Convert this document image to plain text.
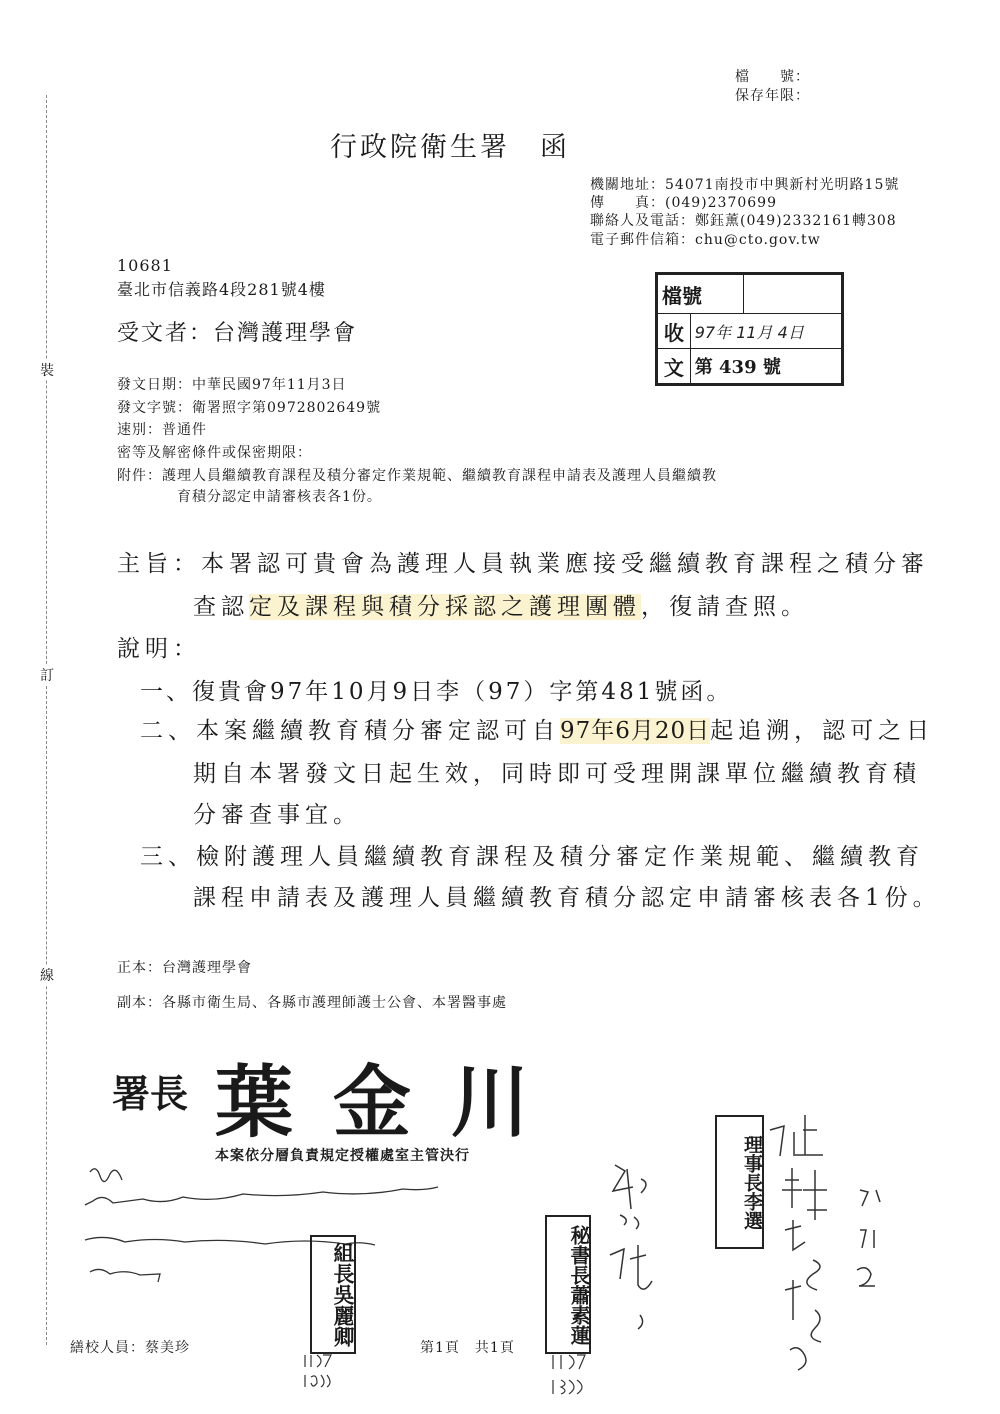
裝
訂
線
檔　　號：
保存年限：
行政院衛生署　函
機關地址：54071南投市中興新村光明路15號
傳　　真：(049)2370699
聯絡人及電話：鄭鈺薰(049)2332161轉308
電子郵件信箱：chu@cto.gov.tw
10681
臺北市信義路4段281號4樓
受文者：台灣護理學會
檔號		
收	97年 11月 4日	
文	第 439 號	
發文日期：中華民國97年11月3日
發文字號：衛署照字第0972802649號
速別：普通件
密等及解密條件或保密期限：
附件：護理人員繼續教育課程及積分審定作業規範、繼續教育課程申請表及護理人員繼續教
育積分認定申請審核表各1份。
主旨：本署認可貴會為護理人員執業應接受繼續教育課程之積分審
查認定及課程與積分採認之護理團體，復請查照。
說明：
一、復貴會97年10月9日李（97）字第481號函。
二、本案繼續教育積分審定認可自97年6月20日起追溯，認可之日
期自本署發文日起生效，同時即可受理開課單位繼續教育積
分審查事宜。
三、檢附護理人員繼續教育課程及積分審定作業規範、繼續教育
課程申請表及護理人員繼續教育積分認定申請審核表各1份。
正本：台灣護理學會
副本：各縣市衛生局、各縣市護理師護士公會、本署醫事處
署長 葉金川
本案依分層負責規定授權處室主管決行
組長吳麗卿	秘書長蕭素蓮
理事長李選
繕校人員：蔡美珍	第1頁　共1頁
